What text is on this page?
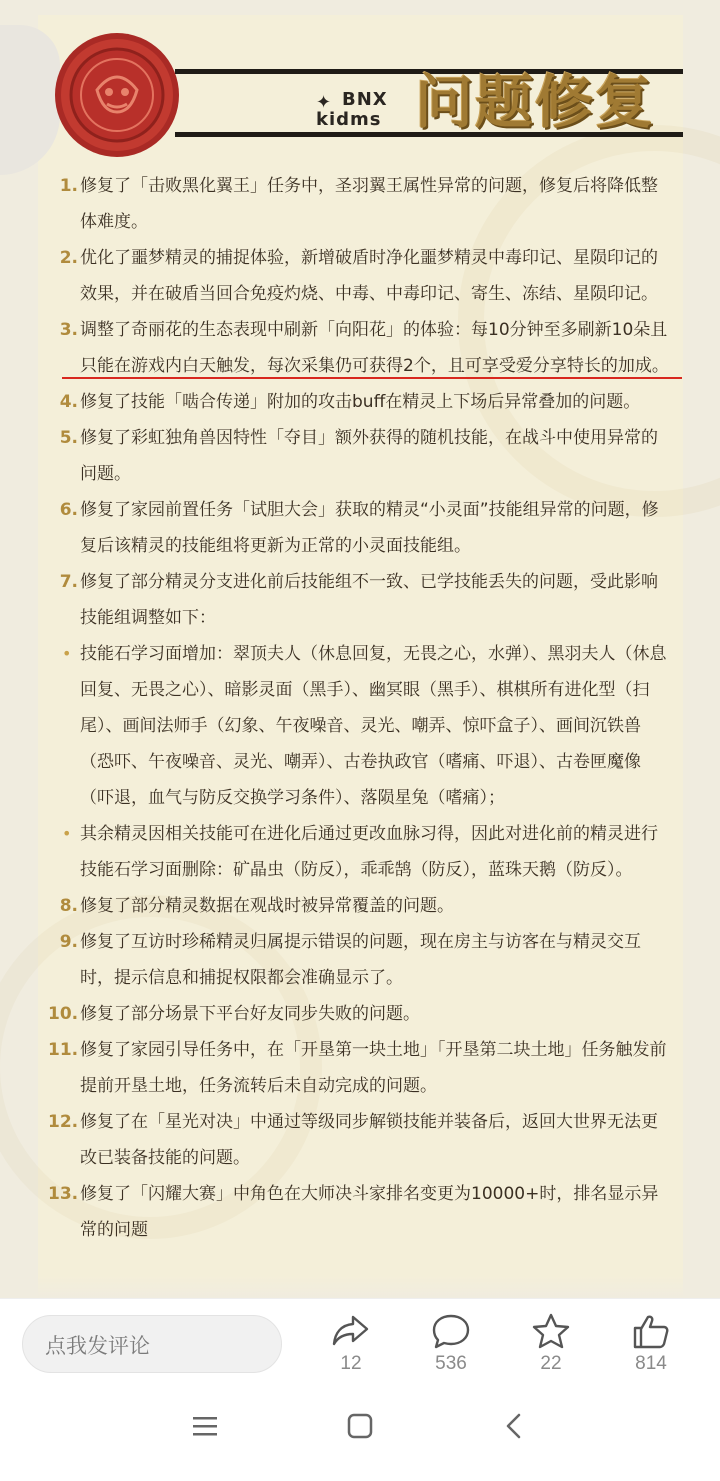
BNX
kidms
✦ 问题修复

1. 修复了「击败黑化翼王」任务中，圣羽翼王属性异常的问题，修复后将降低整体难度。

2. 优化了噩梦精灵的捕捉体验，新增破盾时净化噩梦精灵中毒印记、星陨印记的效果，并在破盾当回合免疫灼烧、中毒、中毒印记、寄生、冻结、星陨印记。

3. 调整了奇丽花的生态表现中刷新「向阳花」的体验：每10分钟至多刷新10朵且只能在游戏内白天触发，每次采集仍可获得2个，且可享受爱分享特长的加成。

4. 修复了技能「啮合传递」附加的攻击buff在精灵上下场后异常叠加的问题。

5. 修复了彩虹独角兽因特性「夺目」额外获得的随机技能，在战斗中使用异常的问题。

6. 修复了家园前置任务「试胆大会」获取的精灵“小灵面”技能组异常的问题，修复后该精灵的技能组将更新为正常的小灵面技能组。

7. 修复了部分精灵分支进化前后技能组不一致、已学技能丢失的问题，受此影响技能组调整如下：

• 技能石学习面增加：翠顶夫人（休息回复，无畏之心，水弹）、黑羽夫人（休息回复、无畏之心）、暗影灵面（黑手）、幽冥眼（黑手）、棋棋所有进化型（扫尾）、画间法师手（幻象、午夜噪音、灵光、嘲弄、惊吓盒子）、画间沉铁兽（恐吓、午夜噪音、灵光、嘲弄）、古卷执政官（嗜痛、吓退）、古卷匣魔像（吓退，血气与防反交换学习条件）、落陨星兔（嗜痛）；

• 其余精灵因相关技能可在进化后通过更改血脉习得，因此对进化前的精灵进行技能石学习面删除：矿晶虫（防反），乖乖鹄（防反），蓝珠天鹅（防反）。

8. 修复了部分精灵数据在观战时被异常覆盖的问题。

9. 修复了互访时珍稀精灵归属提示错误的问题，现在房主与访客在与精灵交互时，提示信息和捕捉权限都会准确显示了。

10. 修复了部分场景下平台好友同步失败的问题。

11. 修复了家园引导任务中，在「开垦第一块土地」「开垦第二块土地」任务触发前提前开垦土地，任务流转后未自动完成的问题。

12. 修复了在「星光对决」中通过等级同步解锁技能并装备后，返回大世界无法更改已装备技能的问题。

13. 修复了「闪耀大赛」中角色在大师决斗家排名变更为10000+时，排名显示异常的问题

点我发评论
12	536	22	814
